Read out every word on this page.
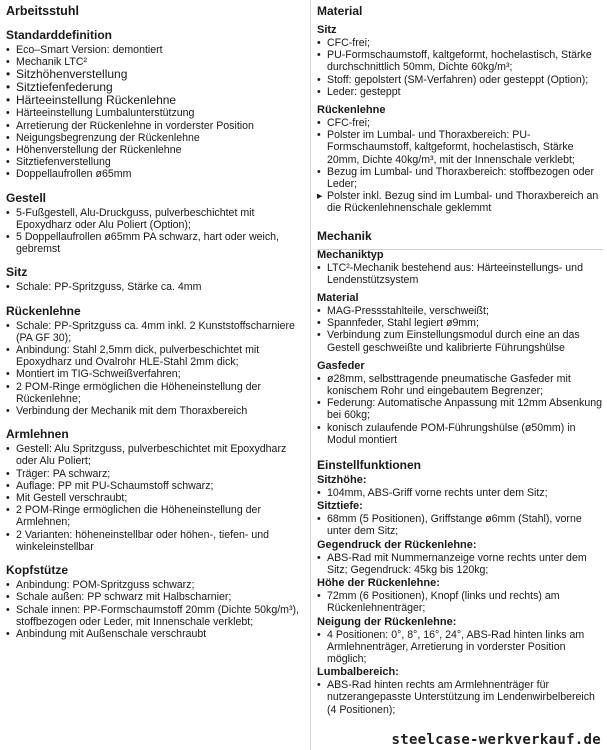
Arbeitsstuhl
Standarddefinition
• Eco–Smart Version: demontiert
• Mechanik LTC²
• Sitzhöhenverstellung
• Sitztiefenfederung
• Härteeinstellung Rückenlehne
• Härteeinstellung Lumbalunterstützung
• Arretierung der Rückenlehne in vorderster Position
• Neigungsbegrenzung der Rückenlehne
• Höhenverstellung der Rückenlehne
• Sitztiefenverstellung
• Doppellaufrollen ø65mm
Gestell
• 5-Fußgestell, Alu-Druckguss, pulverbeschichtet mit Epoxydharz oder Alu Poliert (Option);
• 5 Doppellaufrollen ø65mm PA schwarz, hart oder weich, gebremst
Sitz
• Schale: PP-Spritzguss, Stärke ca. 4mm
Rückenlehne
• Schale: PP-Spritzguss ca. 4mm inkl. 2 Kunststoffscharniere (PA GF 30);
• Anbindung: Stahl 2,5mm dick, pulverbeschichtet mit Epoxydharz und Ovalrohr HLE-Stahl 2mm dick;
• Montiert im TIG-Schweißverfahren;
• 2 POM-Ringe ermöglichen die Höheneinstellung der Rückenlehne;
• Verbindung der Mechanik mit dem Thoraxbereich
Armlehnen
• Gestell: Alu Spritzguss, pulverbeschichtet mit Epoxydharz oder Alu Poliert;
• Träger: PA schwarz;
• Auflage: PP mit PU-Schaumstoff schwarz;
• Mit Gestell verschraubt;
• 2 POM-Ringe ermöglichen die Höheneinstellung der Armlehnen;
• 2 Varianten: höheneinstellbar oder höhen-, tiefen- und winkeleinstellbar
Kopfstütze
• Anbindung: POM-Spritzguss schwarz;
• Schale außen: PP schwarz mit Halbscharnier;
• Schale innen: PP-Formschaumstoff 20mm (Dichte 50kg/m³), stoffbezogen oder Leder, mit Innenschale verklebt;
• Anbindung mit Außenschale verschraubt
Material
Sitz
• CFC-frei;
• PU-Formschaumstoff, kaltgeformt, hochelastisch, Stärke durchschnittlich 50mm, Dichte 60kg/m³;
• Stoff: gepolstert (SM-Verfahren) oder gesteppt (Option);
• Leder: gesteppt
Rückenlehne
• CFC-frei;
• Polster im Lumbal- und Thoraxbereich: PU-Formschaumstoff, kaltgeformt, hochelastisch, Stärke 20mm, Dichte 40kg/m³, mit der Innenschale verklebt;
• Bezug im Lumbal- und Thoraxbereich: stoffbezogen oder Leder;
▸ Polster inkl. Bezug sind im Lumbal- und Thoraxbereich an die Rückenlehnenschale geklemmt
Mechanik
Mechaniktyp
• LTC²-Mechanik bestehend aus: Härteeinstellungs- und Lendenstützsystem
Material
• MAG-Pressstahlteile, verschweißt;
• Spannfeder, Stahl legiert ø9mm;
• Verbindung zum Einstellungsmodul durch eine an das Gestell geschweißte und kalibrierte Führungshülse
Gasfeder
• ø28mm, selbsttragende pneumatische Gasfeder mit konischem Rohr und eingebautem Begrenzer;
• Federung: Automatische Anpassung mit 12mm Absenkung bei 60kg;
• konisch zulaufende POM-Führungshülse (ø50mm) in Modul montiert
Einstellfunktionen
Sitzhöhe:
• 104mm, ABS-Griff vorne rechts unter dem Sitz;
Sitztiefe:
• 68mm (5 Positionen), Griffstange ø6mm (Stahl), vorne unter dem Sitz;
Gegendruck der Rückenlehne:
• ABS-Rad mit Nummernanzeige vorne rechts unter dem Sitz; Gegendruck: 45kg bis 120kg;
Höhe der Rückenlehne:
• 72mm (6 Positionen), Knopf (links und rechts) am Rückenlehnenträger;
Neigung der Rückenlehne:
• 4 Positionen: 0°, 8°, 16°, 24°, ABS-Rad hinten links am Armlehnenträger, Arretierung in vorderster Position möglich;
Lumbalbereich:
• ABS-Rad hinten rechts am Armlehnenträger für nutzerangepasste Unterstützung im Lendenwirbelbereich (4 Positionen);
steelcase-werkverkauf.de
